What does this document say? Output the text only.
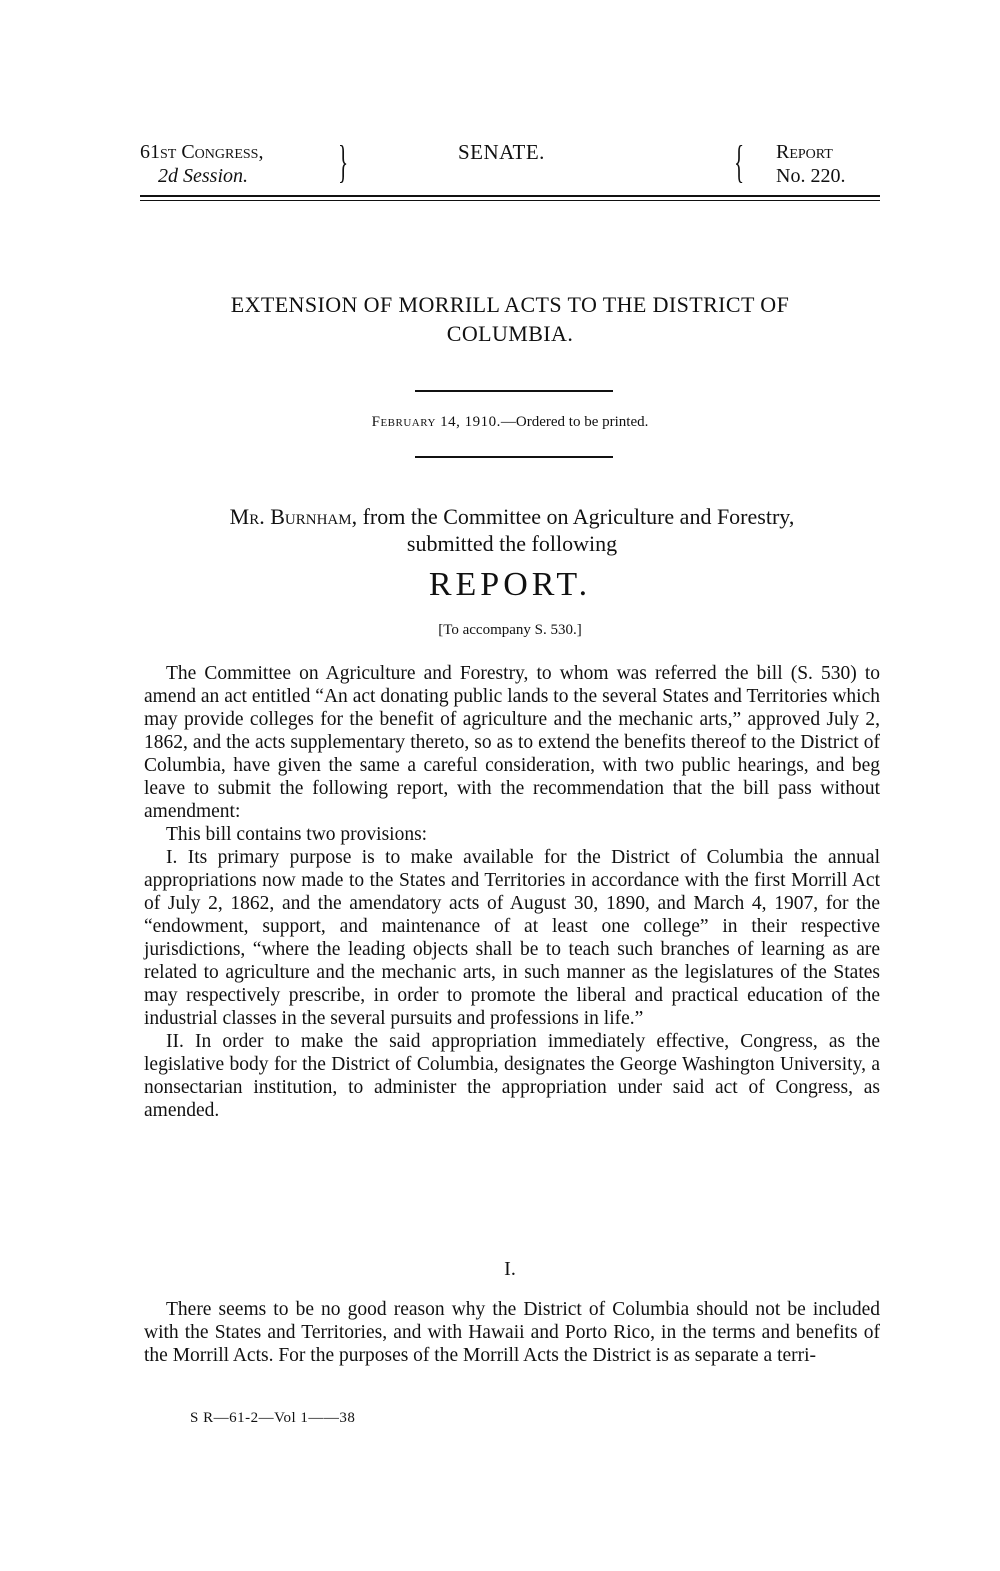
61st Congress,
2d Session.	}	SENATE.	{ Report
No. 220.
EXTENSION OF MORRILL ACTS TO THE DISTRICT OF
COLUMBIA.
February 14, 1910.—Ordered to be printed.
Mr. Burnham, from the Committee on Agriculture and Forestry,
submitted the following
REPORT.
[To accompany S. 530.]

The Committee on Agriculture and Forestry, to whom was referred the bill (S. 530) to amend an act entitled “An act donating public lands to the several States and Territories which may provide colleges for the benefit of agriculture and the mechanic arts,” approved July 2, 1862, and the acts supplementary thereto, so as to extend the benefits thereof to the District of Columbia, have given the same a careful consideration, with two public hearings, and beg leave to submit the following report, with the recommendation that the bill pass without amendment:

This bill contains two provisions:

I. Its primary purpose is to make available for the District of Columbia the annual appropriations now made to the States and Territories in accordance with the first Morrill Act of July 2, 1862, and the amendatory acts of August 30, 1890, and March 4, 1907, for the “endowment, support, and maintenance of at least one college” in their respective jurisdictions, “where the leading objects shall be to teach such branches of learning as are related to agriculture and the mechanic arts, in such manner as the legislatures of the States may respectively prescribe, in order to promote the liberal and practical education of the industrial classes in the several pursuits and professions in life.”

II. In order to make the said appropriation immediately effective, Congress, as the legislative body for the District of Columbia, designates the George Washington University, a nonsectarian institution, to administer the appropriation under said act of Congress, as amended.

I.

There seems to be no good reason why the District of Columbia should not be included with the States and Territories, and with Hawaii and Porto Rico, in the terms and benefits of the Morrill Acts. For the purposes of the Morrill Acts the District is as separate a terri-

S R—61-2—Vol 1——38
